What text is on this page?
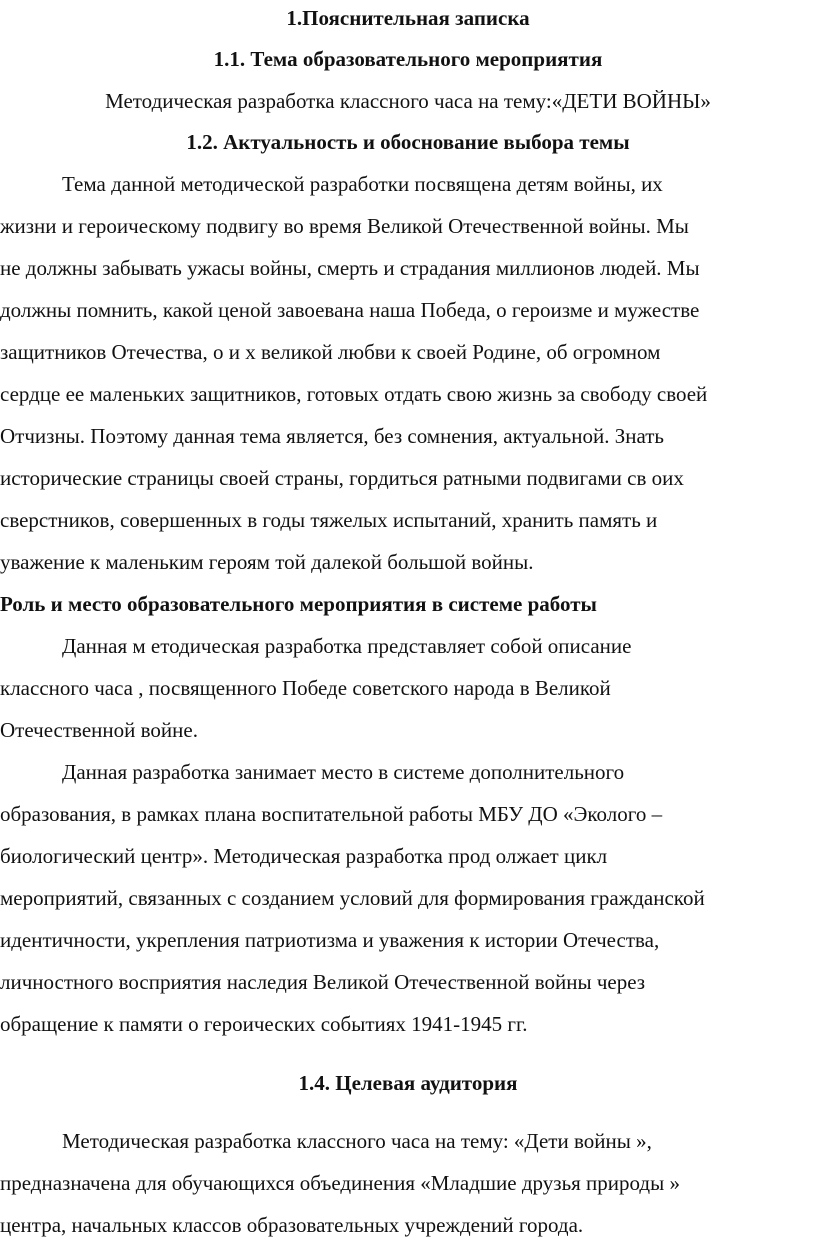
1.Пояснительная записка
1.1. Тема образовательного мероприятия
Методическая разработка классного часа на тему:«ДЕТИ ВОЙНЫ»
1.2. Актуальность и обоснование выбора темы
Тема данной методической разработки посвящена детям войны, их
жизни и героическому подвигу во время Великой Отечественной войны. Мы
не должны забывать ужасы войны, смерть и страдания миллионов людей. Мы
должны помнить, какой ценой завоевана наша Победа, о героизме и мужестве
защитников Отечества, о и х великой любви к своей Родине, об огромном
сердце ее маленьких защитников, готовых отдать свою жизнь за свободу своей
Отчизны. Поэтому данная тема является, без сомнения, актуальной. Знать
исторические страницы своей страны, гордиться ратными подвигами св оих
сверстников, совершенных в годы тяжелых испытаний, хранить память и
уважение к маленьким героям той далекой большой войны.
Роль и место образовательного мероприятия в системе работы
Данная м етодическая разработка представляет собой описание
классного часа , посвященного Победе советского народа в Великой
Отечественной войне.
Данная разработка занимает место в системе дополнительного
образования, в рамках плана воспитательной работы МБУ ДО «Эколого –
биологический центр». Методическая разработка прод олжает цикл
мероприятий, связанных с созданием условий для формирования гражданской
идентичности, укрепления патриотизма и уважения к истории Отечества,
личностного восприятия наследия Великой Отечественной войны через
обращение к памяти о героических событиях 1941-1945 гг.
1.4. Целевая аудитория
Методическая разработка классного часа на тему: «Дети войны »,
предназначена для обучающихся объединения «Младшие друзья природы »
центра, начальных классов образовательных учреждений города.
